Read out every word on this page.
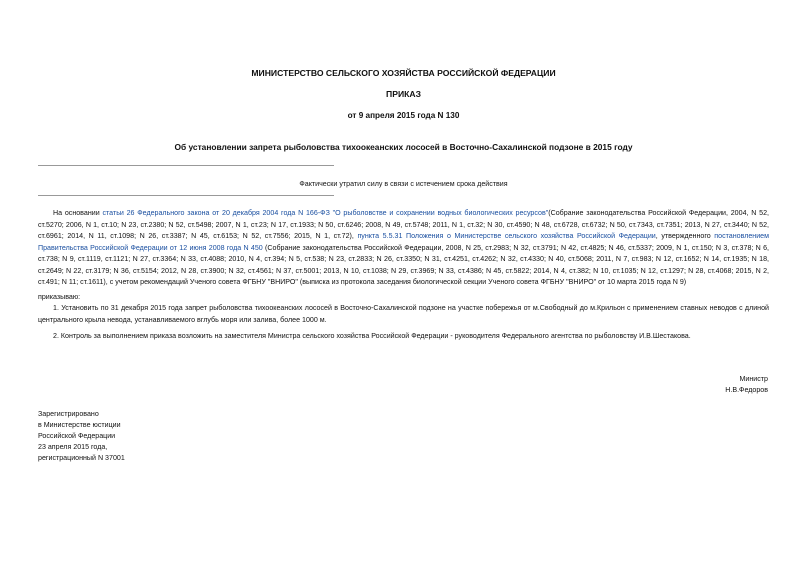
МИНИСТЕРСТВО СЕЛЬСКОГО ХОЗЯЙСТВА РОССИЙСКОЙ ФЕДЕРАЦИИ
ПРИКАЗ
от 9 апреля 2015 года N 130
Об установлении запрета рыболовства тихоокеанских лососей в Восточно-Сахалинской подзоне в 2015 году
Фактически утратил силу в связи с истечением срока действия
На основании статьи 26 Федерального закона от 20 декабря 2004 года N 166-ФЗ "О рыболовстве и сохранении водных биологических ресурсов"(Собрание законодательства Российской Федерации, 2004, N 52, ст.5270; 2006, N 1, ст.10; N 23, ст.2380; N 52, ст.5498; 2007, N 1, ст.23; N 17, ст.1933; N 50, ст.6246; 2008, N 49, ст.5748; 2011, N 1, ст.32; N 30, ст.4590; N 48, ст.6728, ст.6732; N 50, ст.7343, ст.7351; 2013, N 27, ст.3440; N 52, ст.6961; 2014, N 11, ст.1098; N 26, ст.3387; N 45, ст.6153; N 52, ст.7556; 2015, N 1, ст.72), пункта 5.5.31 Положения о Министерстве сельского хозяйства Российской Федерации, утвержденного постановлением Правительства Российской Федерации от 12 июня 2008 года N 450 (Собрание законодательства Российской Федерации, 2008, N 25, ст.2983; N 32, ст.3791; N 42, ст.4825; N 46, ст.5337; 2009, N 1, ст.150; N 3, ст.378; N 6, ст.738; N 9, ст.1119, ст.1121; N 27, ст.3364; N 33, ст.4088; 2010, N 4, ст.394; N 5, ст.538; N 23, ст.2833; N 26, ст.3350; N 31, ст.4251, ст.4262; N 32, ст.4330; N 40, ст.5068; 2011, N 7, ст.983; N 12, ст.1652; N 14, ст.1935; N 18, ст.2649; N 22, ст.3179; N 36, ст.5154; 2012, N 28, ст.3900; N 32, ст.4561; N 37, ст.5001; 2013, N 10, ст.1038; N 29, ст.3969; N 33, ст.4386; N 45, ст.5822; 2014, N 4, ст.382; N 10, ст.1035; N 12, ст.1297; N 28, ст.4068; 2015, N 2, ст.491; N 11; ст.1611), с учетом рекомендаций Ученого совета ФГБНУ "ВНИРО" (выписка из протокола заседания биологической секции Ученого совета ФГБНУ "ВНИРО" от 10 марта 2015 года N 9)
приказываю:
1. Установить по 31 декабря 2015 года запрет рыболовства тихоокеанских лососей в Восточно-Сахалинской подзоне на участке побережья от м.Свободный до м.Крильон с применением ставных неводов с длиной центрального крыла невода, устанавливаемого вглубь моря или залива, более 1000 м.
2. Контроль за выполнением приказа возложить на заместителя Министра сельского хозяйства Российской Федерации - руководителя Федерального агентства по рыболовству И.В.Шестакова.
Министр
Н.В.Федоров
Зарегистрировано
в Министерстве юстиции
Российской Федерации
23 апреля 2015 года,
регистрационный N 37001
